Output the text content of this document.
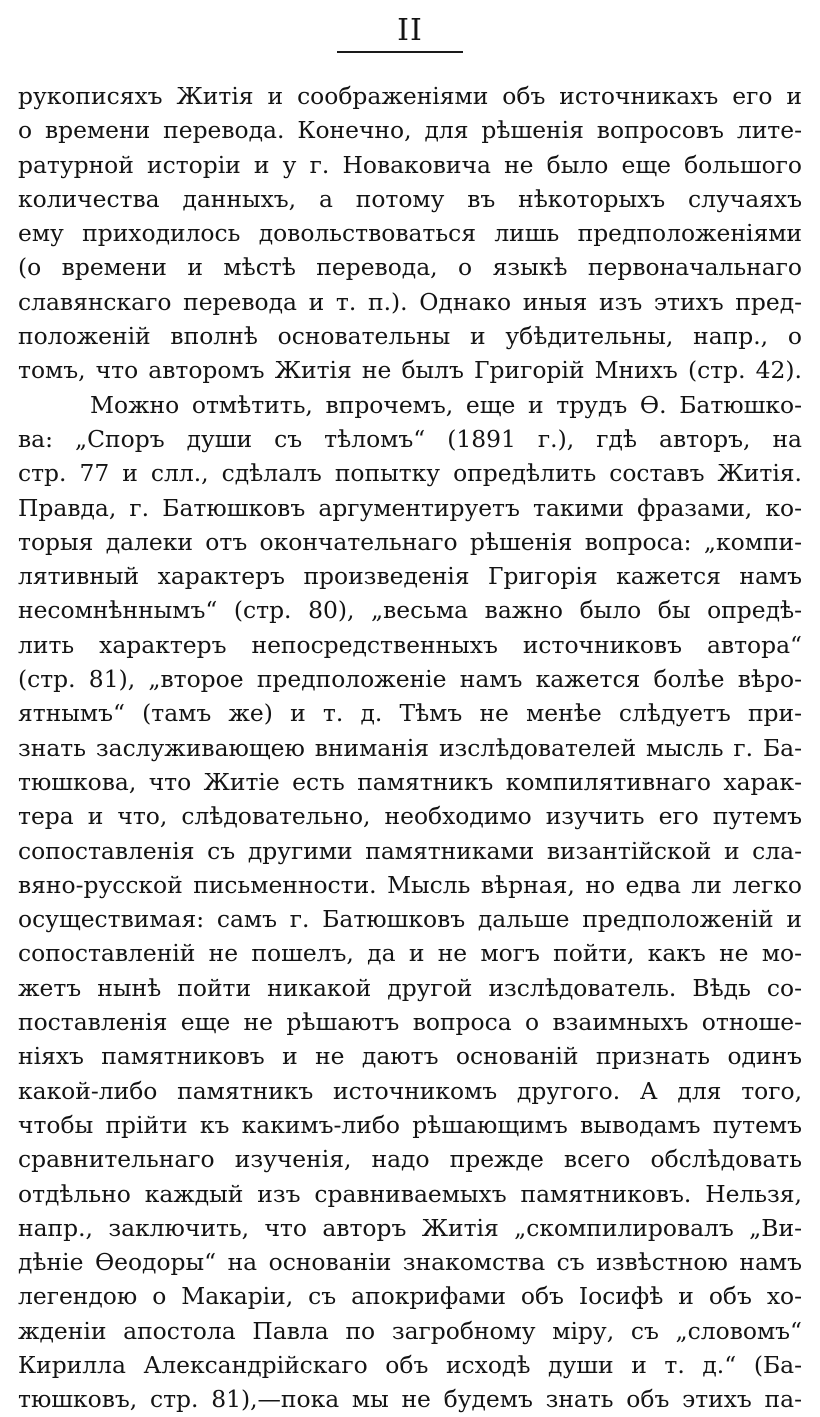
II
рукописяхъ Житія и соображеніями объ источникахъ его и
о времени перевода. Конечно, для рѣшенія вопросовъ лите-
ратурной исторіи и у г. Новаковича не было еще большого
количества данныхъ, а потому въ нѣкоторыхъ случаяхъ
ему приходилось довольствоваться лишь предположеніями
(о времени и мѣстѣ перевода, о языкѣ первоначальнаго
славянскаго перевода и т. п.). Однако иныя изъ этихъ пред-
положеній вполнѣ основательны и убѣдительны, напр., о
томъ, что авторомъ Житія не былъ Григорій Мнихъ (стр. 42).
Можно отмѣтить, впрочемъ, еще и трудъ Ѳ. Батюшко-
ва: „Споръ души съ тѣломъ“ (1891 г.), гдѣ авторъ, на
стр. 77 и слл., сдѣлалъ попытку опредѣлить составъ Житія.
Правда, г. Батюшковъ аргументируетъ такими фразами, ко-
торыя далеки отъ окончательнаго рѣшенія вопроса: „компи-
лятивный характеръ произведенія Григорія кажется намъ
несомнѣннымъ“ (стр. 80), „весьма важно было бы опредѣ-
лить характеръ непосредственныхъ источниковъ автора“
(стр. 81), „второе предположеніе намъ кажется болѣе вѣро-
ятнымъ“ (тамъ же) и т. д. Тѣмъ не менѣе слѣдуетъ при-
знать заслуживающею вниманія изслѣдователей мысль г. Ба-
тюшкова, что Житіе есть памятникъ компилятивнаго харак-
тера и что, слѣдовательно, необходимо изучить его путемъ
сопоставленія съ другими памятниками византійской и сла-
вяно-русской письменности. Мысль вѣрная, но едва ли легко
осуществимая: самъ г. Батюшковъ дальше предположеній и
сопоставленій не пошелъ, да и не могъ пойти, какъ не мо-
жетъ нынѣ пойти никакой другой изслѣдователь. Вѣдь со-
поставленія еще не рѣшаютъ вопроса о взаимныхъ отноше-
ніяхъ памятниковъ и не даютъ основаній признать одинъ
какой-либо памятникъ источникомъ другого. А для того,
чтобы прійти къ какимъ-либо рѣшающимъ выводамъ путемъ
сравнительнаго изученія, надо прежде всего обслѣдовать
отдѣльно каждый изъ сравниваемыхъ памятниковъ. Нельзя,
напр., заключить, что авторъ Житія „скомпилировалъ „Ви-
дѣніе Ѳеодоры“ на основаніи знакомства съ извѣстною намъ
легендою о Макаріи, съ апокрифами объ Іосифѣ и объ хо-
жденіи апостола Павла по загробному міру, съ „словомъ“
Кирилла Александрійскаго объ исходѣ души и т. д.“ (Ба-
тюшковъ, стр. 81),—пока мы не будемъ знать объ этихъ па-
